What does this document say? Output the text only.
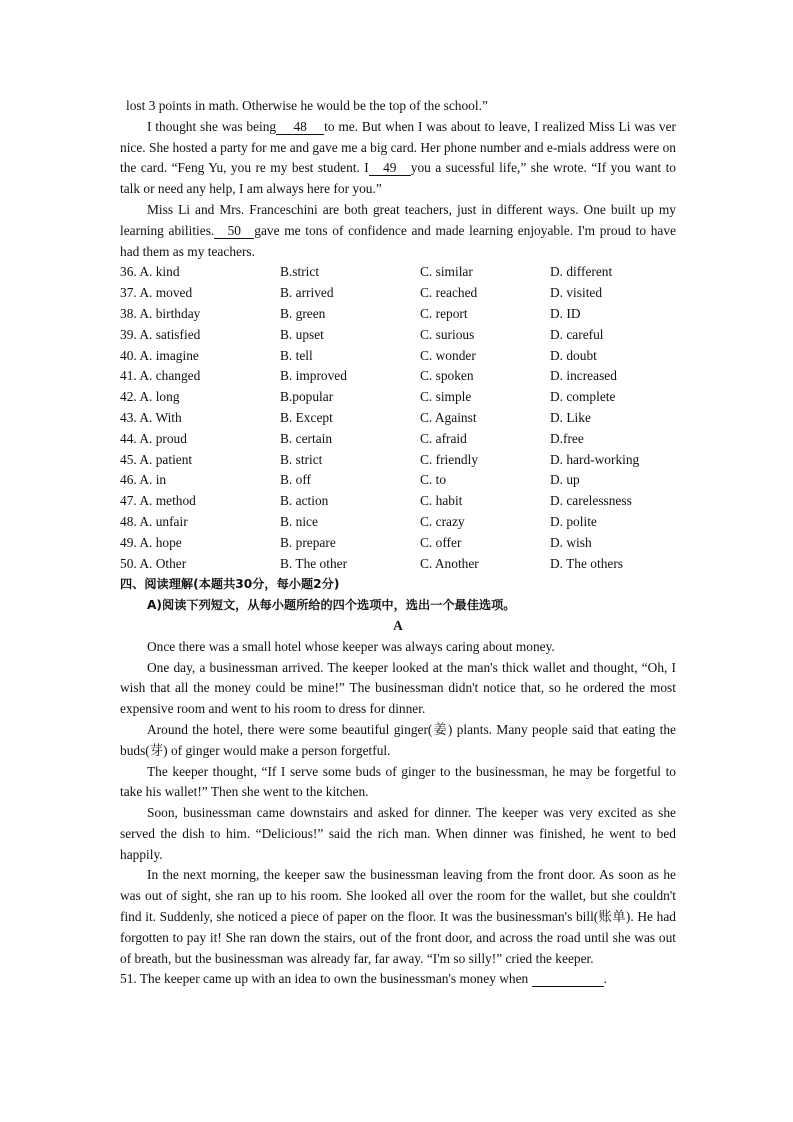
lost 3 points in math. Otherwise he would be the top of the school.”

I thought she was being 48 to me. But when I was about to leave, I realized Miss Li was ver nice. She hosted a party for me and gave me a big card. Her phone number and e-mials address were on the card. “Feng Yu, you re my best student. I 49 you a sucessful life,” she wrote. “If you want to talk or need any help, I am always here for you.”

Miss Li and Mrs. Franceschini are both great teachers, just in different ways. One built up my learning abilities. 50 gave me tons of confidence and made learning enjoyable. I'm proud to have had them as my teachers.

36. A. kind	B.strict	C. similar	D. different
37. A. moved	B. arrived	C. reached	D. visited
38. A. birthday	B. green	C. report	D. ID
39. A. satisfied	B. upset	C. surious	D. careful
40. A. imagine	B. tell	C. wonder	D. doubt
41. A. changed	B. improved	C. spoken	D. increased
42. A. long	B.popular	C. simple	D. complete
43. A. With	B. Except	C. Against	D. Like
44. A. proud	B. certain	C. afraid	D.free
45. A. patient	B. strict	C. friendly	D. hard-working
46. A. in	B. off	C. to	D. up
47. A. method	B. action	C. habit	D. carelessness
48. A. unfair	B. nice	C. crazy	D. polite
49. A. hope	B. prepare	C. offer	D. wish
50. A. Other	B. The other	C. Another	D. The others
四、阅读理解(本题共30分，每小题2分)
A)阅读下列短文，从每小题所给的四个选项中，选出一个最佳选项。
A

Once there was a small hotel whose keeper was always caring about money.

One day, a businessman arrived. The keeper looked at the man's thick wallet and thought, “Oh, I wish that all the money could be mine!” The businessman didn't notice that, so he ordered the most expensive room and went to his room to dress for dinner.

Around the hotel, there were some beautiful ginger(姜) plants. Many people said that eating the buds(芽) of ginger would make a person forgetful.

The keeper thought, “If I serve some buds of ginger to the businessman, he may be forgetful to take his wallet!” Then she went to the kitchen.

Soon, businessman came downstairs and asked for dinner. The keeper was very excited as she served the dish to him. “Delicious!” said the rich man. When dinner was finished, he went to bed happily.

In the next morning, the keeper saw the businessman leaving from the front door. As soon as he was out of sight, she ran up to his room. She looked all over the room for the wallet, but she couldn't find it. Suddenly, she noticed a piece of paper on the floor. It was the businessman's bill(账单). He had forgotten to pay it! She ran down the stairs, out of the front door, and across the road until she was out of breath, but the businessman was already far, far away. “I'm so silly!” cried the keeper.

51. The keeper came up with an idea to own the businessman's money when	.
